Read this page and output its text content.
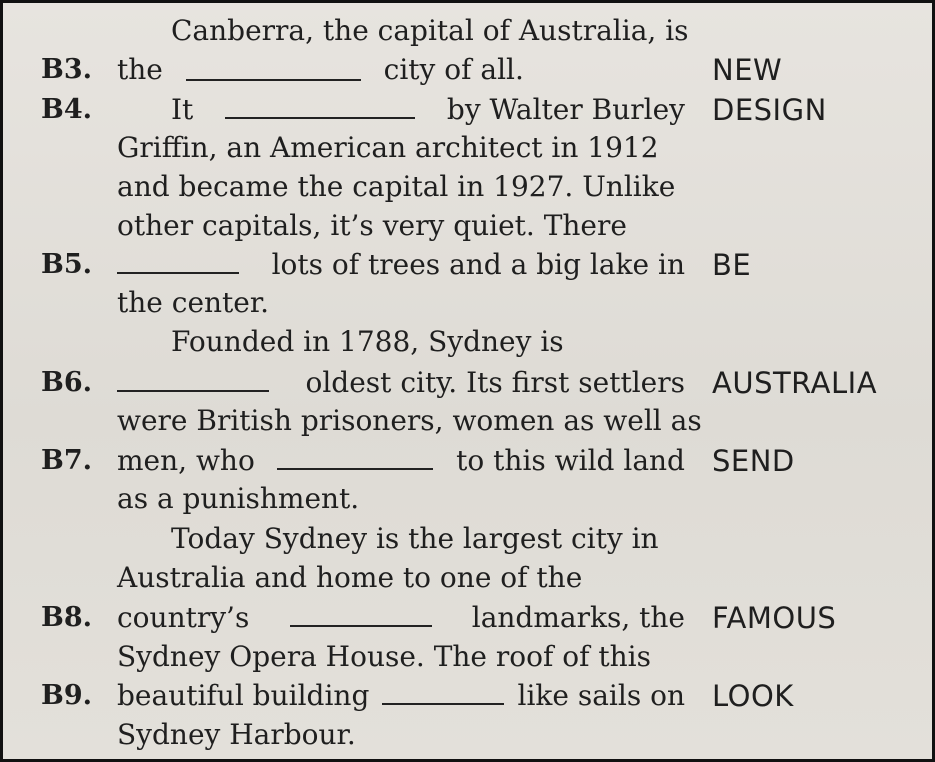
Canberra, the capital of Australia, is
B3. the	city of all.	NEW
B4.	It	by Walter Burley DESIGN
Griffin, an American architect in 1912
and became the capital in 1927. Unlike
other capitals, it’s very quiet. There
B5.	lots of trees and a big lake in BE
the center.
Founded in 1788, Sydney is
B6.	oldest city. Its first settlers AUSTRALIA
were British prisoners, women as well as
B7. men, who	to this wild land SEND
as a punishment.
Today Sydney is the largest city in
Australia and home to one of the
B8. country’s	landmarks, the FAMOUS
Sydney Opera House. The roof of this
B9. beautiful building	like sails on LOOK
Sydney Harbour.
